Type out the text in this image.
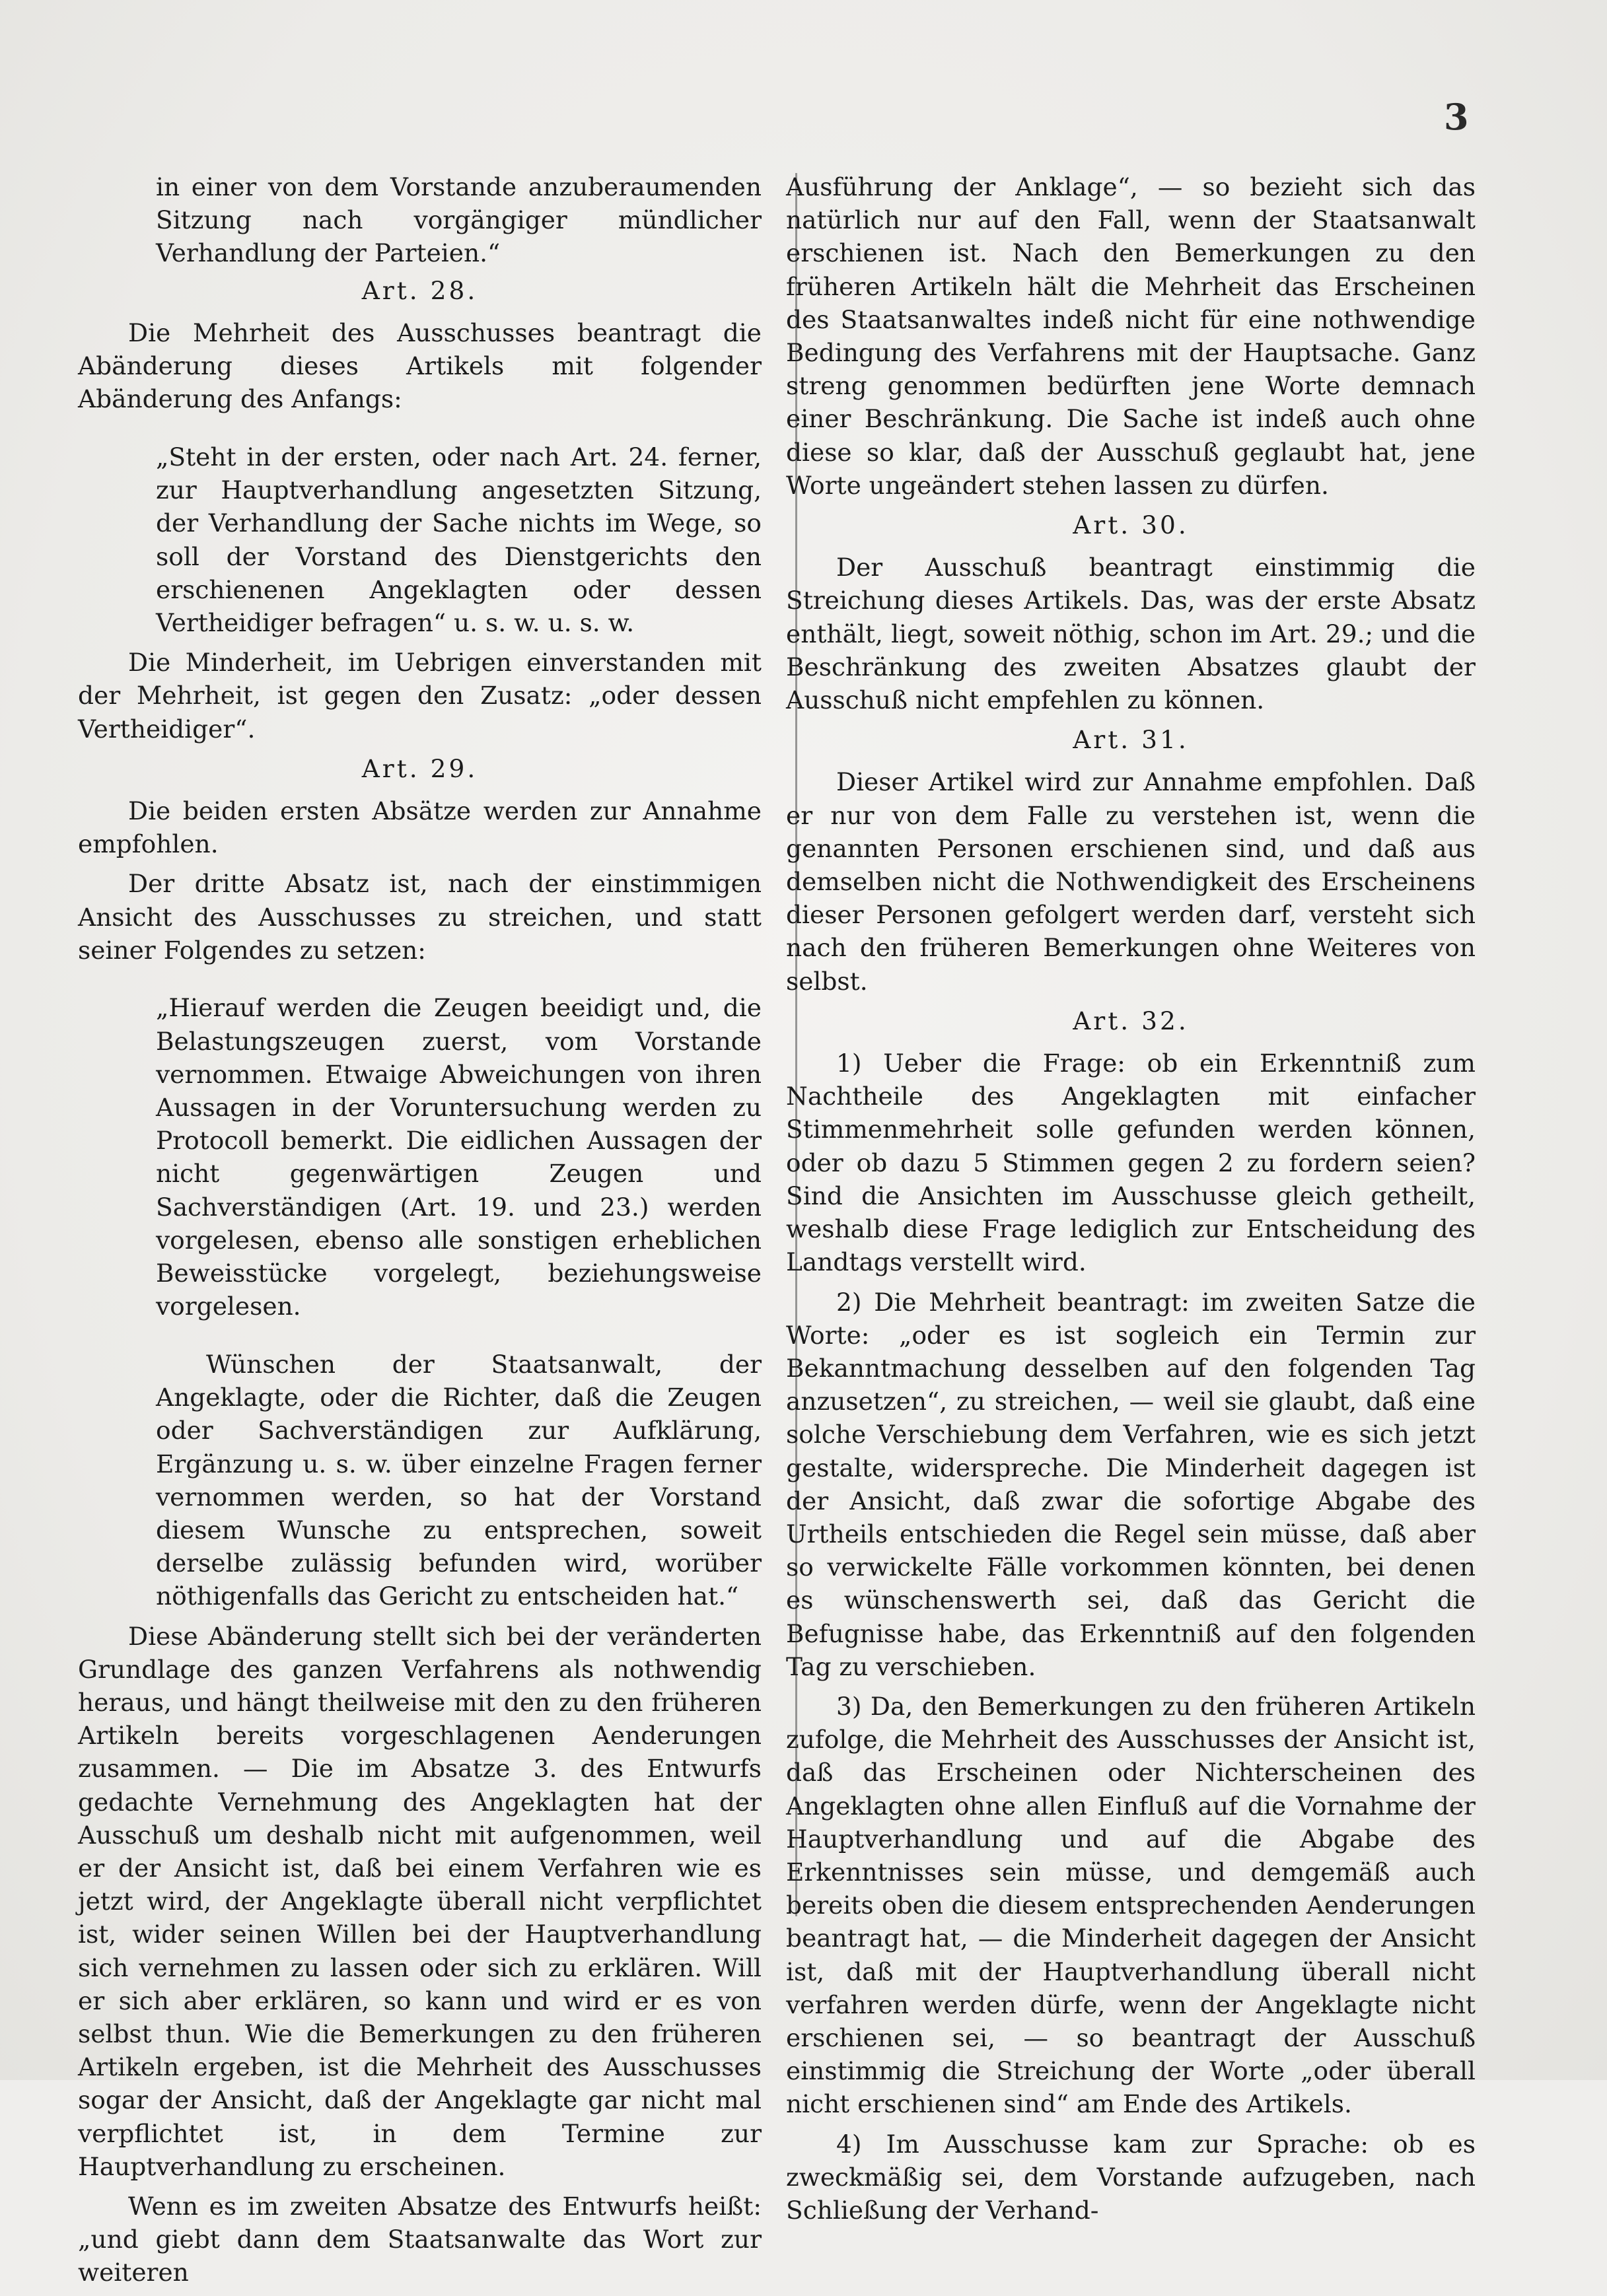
3

in einer von dem Vorstande anzuberaumenden Sitzung nach vorgängiger mündlicher Verhandlung der Parteien.“

Art. 28.

Die Mehrheit des Ausschusses beantragt die Abänderung dieses Artikels mit folgender Abänderung des Anfangs:

„Steht in der ersten, oder nach Art. 24. ferner, zur Hauptverhandlung angesetzten Sitzung, der Verhandlung der Sache nichts im Wege, so soll der Vorstand des Dienstgerichts den erschienenen Angeklagten oder dessen Vertheidiger befragen“ u. s. w. u. s. w.

Die Minderheit, im Uebrigen einverstanden mit der Mehrheit, ist gegen den Zusatz: „oder dessen Vertheidiger“.

Art. 29.

Die beiden ersten Absätze werden zur Annahme empfohlen.

Der dritte Absatz ist, nach der einstimmigen Ansicht des Ausschusses zu streichen, und statt seiner Folgendes zu setzen:

„Hierauf werden die Zeugen beeidigt und, die Belastungszeugen zuerst, vom Vorstande vernommen. Etwaige Abweichungen von ihren Aussagen in der Voruntersuchung werden zu Protocoll bemerkt. Die eidlichen Aussagen der nicht gegenwärtigen Zeugen und Sachverständigen (Art. 19. und 23.) werden vorgelesen, ebenso alle sonstigen erheblichen Beweisstücke vorgelegt, beziehungsweise vorgelesen.

Wünschen der Staatsanwalt, der Angeklagte, oder die Richter, daß die Zeugen oder Sachverständigen zur Aufklärung, Ergänzung u. s. w. über einzelne Fragen ferner vernommen werden, so hat der Vorstand diesem Wunsche zu entsprechen, soweit derselbe zulässig befunden wird, worüber nöthigenfalls das Gericht zu entscheiden hat.“

Diese Abänderung stellt sich bei der veränderten Grundlage des ganzen Verfahrens als nothwendig heraus, und hängt theilweise mit den zu den früheren Artikeln bereits vorgeschlagenen Aenderungen zusammen. — Die im Absatze 3. des Entwurfs gedachte Vernehmung des Angeklagten hat der Ausschuß um deshalb nicht mit aufgenommen, weil er der Ansicht ist, daß bei einem Verfahren wie es jetzt wird, der Angeklagte überall nicht verpflichtet ist, wider seinen Willen bei der Hauptverhandlung sich vernehmen zu lassen oder sich zu erklären. Will er sich aber erklären, so kann und wird er es von selbst thun. Wie die Bemerkungen zu den früheren Artikeln ergeben, ist die Mehrheit des Ausschusses sogar der Ansicht, daß der Angeklagte gar nicht mal verpflichtet ist, in dem Termine zur Hauptverhandlung zu erscheinen.

Wenn es im zweiten Absatze des Entwurfs heißt: „und giebt dann dem Staatsanwalte das Wort zur weiteren

Ausführung der Anklage“, — so bezieht sich das natürlich nur auf den Fall, wenn der Staatsanwalt erschienen ist. Nach den Bemerkungen zu den früheren Artikeln hält die Mehrheit das Erscheinen des Staatsanwaltes indeß nicht für eine nothwendige Bedingung des Verfahrens mit der Hauptsache. Ganz streng genommen bedürften jene Worte demnach einer Beschränkung. Die Sache ist indeß auch ohne diese so klar, daß der Ausschuß geglaubt hat, jene Worte ungeändert stehen lassen zu dürfen.

Art. 30.

Der Ausschuß beantragt einstimmig die Streichung dieses Artikels. Das, was der erste Absatz enthält, liegt, soweit nöthig, schon im Art. 29.; und die Beschränkung des zweiten Absatzes glaubt der Ausschuß nicht empfehlen zu können.

Art. 31.

Dieser Artikel wird zur Annahme empfohlen. Daß er nur von dem Falle zu verstehen ist, wenn die genannten Personen erschienen sind, und daß aus demselben nicht die Nothwendigkeit des Erscheinens dieser Personen gefolgert werden darf, versteht sich nach den früheren Bemerkungen ohne Weiteres von selbst.

Art. 32.

1) Ueber die Frage: ob ein Erkenntniß zum Nachtheile des Angeklagten mit einfacher Stimmenmehrheit solle gefunden werden können, oder ob dazu 5 Stimmen gegen 2 zu fordern seien? Sind die Ansichten im Ausschusse gleich getheilt, weshalb diese Frage lediglich zur Entscheidung des Landtags verstellt wird.

2) Die Mehrheit beantragt: im zweiten Satze die Worte: „oder es ist sogleich ein Termin zur Bekanntmachung desselben auf den folgenden Tag anzusetzen“, zu streichen, — weil sie glaubt, daß eine solche Verschiebung dem Verfahren, wie es sich jetzt gestalte, widerspreche. Die Minderheit dagegen ist der Ansicht, daß zwar die sofortige Abgabe des Urtheils entschieden die Regel sein müsse, daß aber so verwickelte Fälle vorkommen könnten, bei denen es wünschenswerth sei, daß das Gericht die Befugnisse habe, das Erkenntniß auf den folgenden Tag zu verschieben.

3) Da, den Bemerkungen zu den früheren Artikeln zufolge, die Mehrheit des Ausschusses der Ansicht ist, daß das Erscheinen oder Nichterscheinen des Angeklagten ohne allen Einfluß auf die Vornahme der Hauptverhandlung und auf die Abgabe des Erkenntnisses sein müsse, und demgemäß auch bereits oben die diesem entsprechenden Aenderungen beantragt hat, — die Minderheit dagegen der Ansicht ist, daß mit der Hauptverhandlung überall nicht verfahren werden dürfe, wenn der Angeklagte nicht erschienen sei, — so beantragt der Ausschuß einstimmig die Streichung der Worte „oder überall nicht erschienen sind“ am Ende des Artikels.

4) Im Ausschusse kam zur Sprache: ob es zweckmäßig sei, dem Vorstande aufzugeben, nach Schließung der Verhand-
